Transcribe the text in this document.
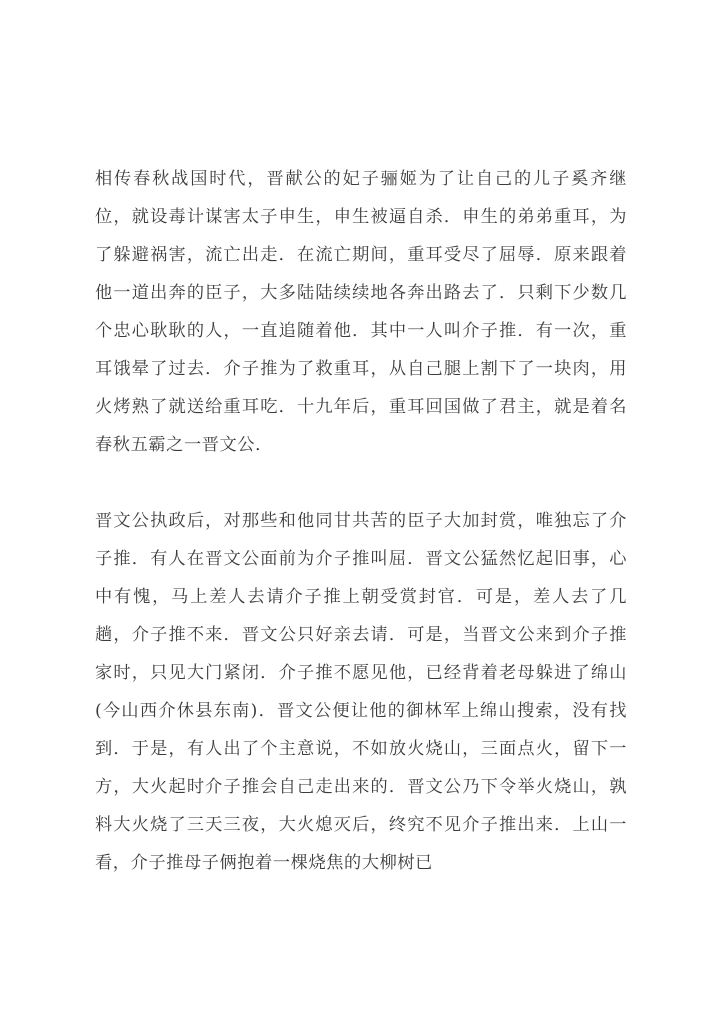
相传春秋战国时代，晋献公的妃子骊姬为了让自己的儿子奚齐继位，就设毒计谋害太子申生，申生被逼自杀．申生的弟弟重耳，为了躲避祸害，流亡出走．在流亡期间，重耳受尽了屈辱．原来跟着他一道出奔的臣子，大多陆陆续续地各奔出路去了．只剩下少数几个忠心耿耿的人，一直追随着他．其中一人叫介子推．有一次，重耳饿晕了过去．介子推为了救重耳，从自己腿上割下了一块肉，用火烤熟了就送给重耳吃．十九年后，重耳回国做了君主，就是着名春秋五霸之一晋文公．

晋文公执政后，对那些和他同甘共苦的臣子大加封赏，唯独忘了介子推．有人在晋文公面前为介子推叫屈．晋文公猛然忆起旧事，心中有愧，马上差人去请介子推上朝受赏封官．可是，差人去了几趟，介子推不来．晋文公只好亲去请．可是，当晋文公来到介子推家时，只见大门紧闭．介子推不愿见他，已经背着老母躲进了绵山(今山西介休县东南)．晋文公便让他的御林军上绵山搜索，没有找到．于是，有人出了个主意说，不如放火烧山，三面点火，留下一方，大火起时介子推会自己走出来的．晋文公乃下令举火烧山，孰料大火烧了三天三夜，大火熄灭后，终究不见介子推出来．上山一看，介子推母子俩抱着一棵烧焦的大柳树已
